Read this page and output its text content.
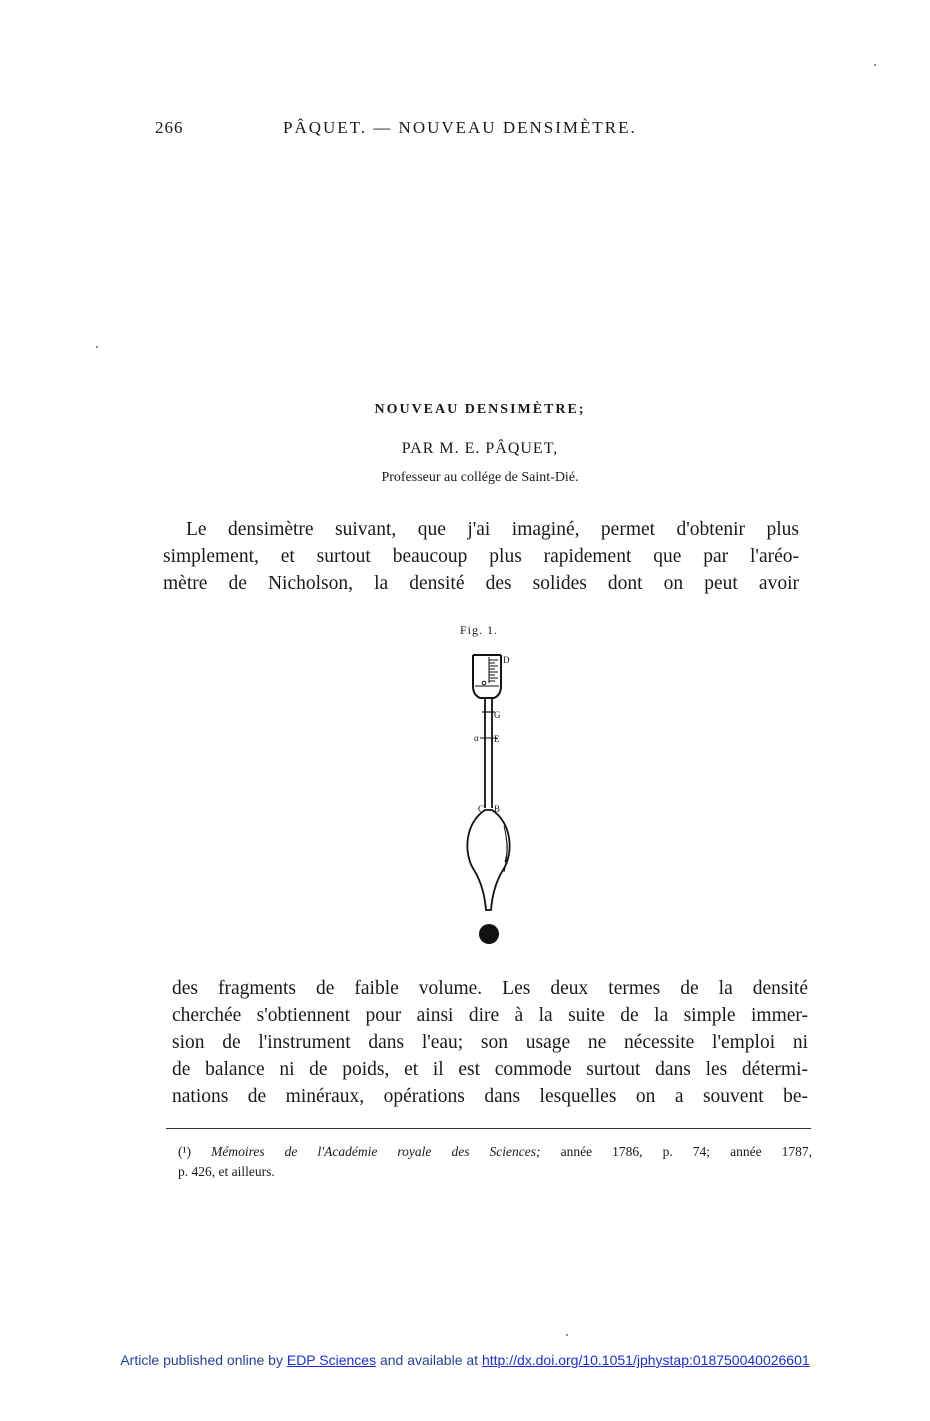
266	PÂQUET. — NOUVEAU DENSIMÈTRE.
NOUVEAU DENSIMÈTRE;
PAR M. E. PÂQUET,
Professeur au collége de Saint-Dié.
Le densimètre suivant, que j'ai imaginé, permet d'obtenir plus
simplement, et surtout beaucoup plus rapidement que par l'aréo-
mètre de Nicholson, la densité des solides dont on peut avoir
Fig. 1.
D
G
α E
C B
des fragments de faible volume. Les deux termes de la densité
cherchée s'obtiennent pour ainsi dire à la suite de la simple immer-
sion de l'instrument dans l'eau; son usage ne nécessite l'emploi ni
de balance ni de poids, et il est commode surtout dans les détermi-
nations de minéraux, opérations dans lesquelles on a souvent be-
(¹) Mémoires de l'Académie royale des Sciences; année 1786, p. 74; année 1787,
p. 426, et ailleurs.
Article published online by EDP Sciences and available at http://dx.doi.org/10.1051/jphystap:018750040026601
